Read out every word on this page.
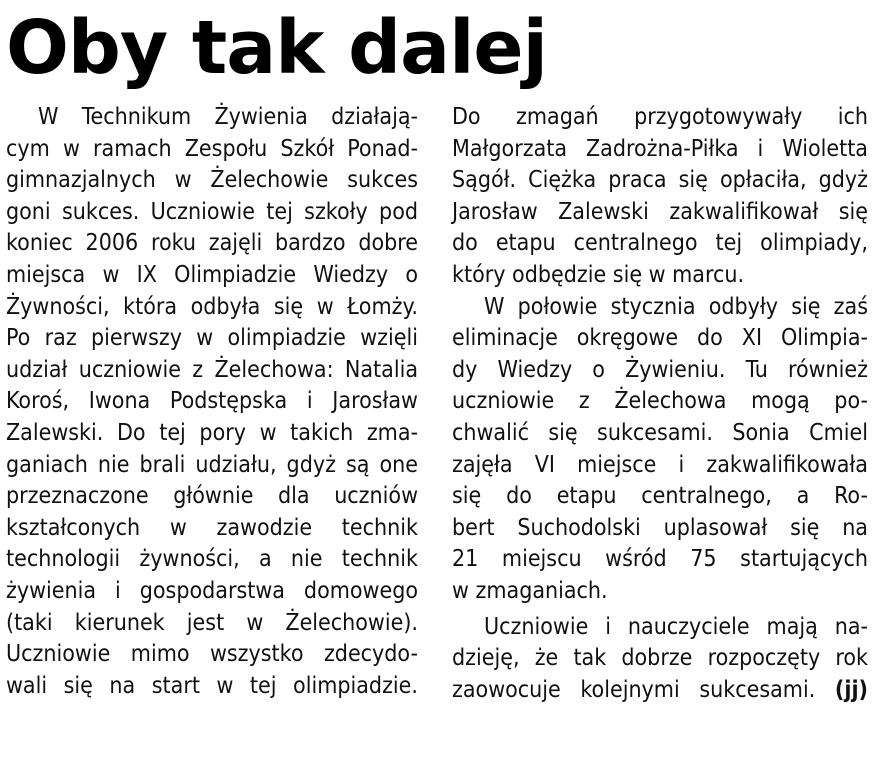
Oby tak dalej
W Technikum Żywienia działają-
cym w ramach Zespołu Szkół Ponad-
gimnazjalnych w Żelechowie sukces
goni sukces. Uczniowie tej szkoły pod
koniec 2006 roku zajęli bardzo dobre
miejsca w IX Olimpiadzie Wiedzy o
Żywności, która odbyła się w Łomży.
Po raz pierwszy w olimpiadzie wzięli
udział uczniowie z Żelechowa: Natalia
Koroś, Iwona Podstępska i Jarosław
Zalewski. Do tej pory w takich zma-
ganiach nie brali udziału, gdyż są one
przeznaczone głównie dla uczniów
kształconych w zawodzie technik
technologii żywności, a nie technik
żywienia i gospodarstwa domowego
(taki kierunek jest w Żelechowie).
Uczniowie mimo wszystko zdecydo-
wali się na start w tej olimpiadzie.
Do zmagań przygotowywały ich
Małgorzata Zadrożna-Piłka i Wioletta
Sągół. Ciężka praca się opłaciła, gdyż
Jarosław Zalewski zakwalifikował się
do etapu centralnego tej olimpiady,
który odbędzie się w marcu.
W połowie stycznia odbyły się zaś
eliminacje okręgowe do XI Olimpia-
dy Wiedzy o Żywieniu. Tu również
uczniowie z Żelechowa mogą po-
chwalić się sukcesami. Sonia Cmiel
zajęła VI miejsce i zakwalifikowała
się do etapu centralnego, a Ro-
bert Suchodolski uplasował się na
21 miejscu wśród 75 startujących
w zmaganiach.
Uczniowie i nauczyciele mają na-
dzieję, że tak dobrze rozpoczęty rok
zaowocuje kolejnymi sukcesami. (jj)
